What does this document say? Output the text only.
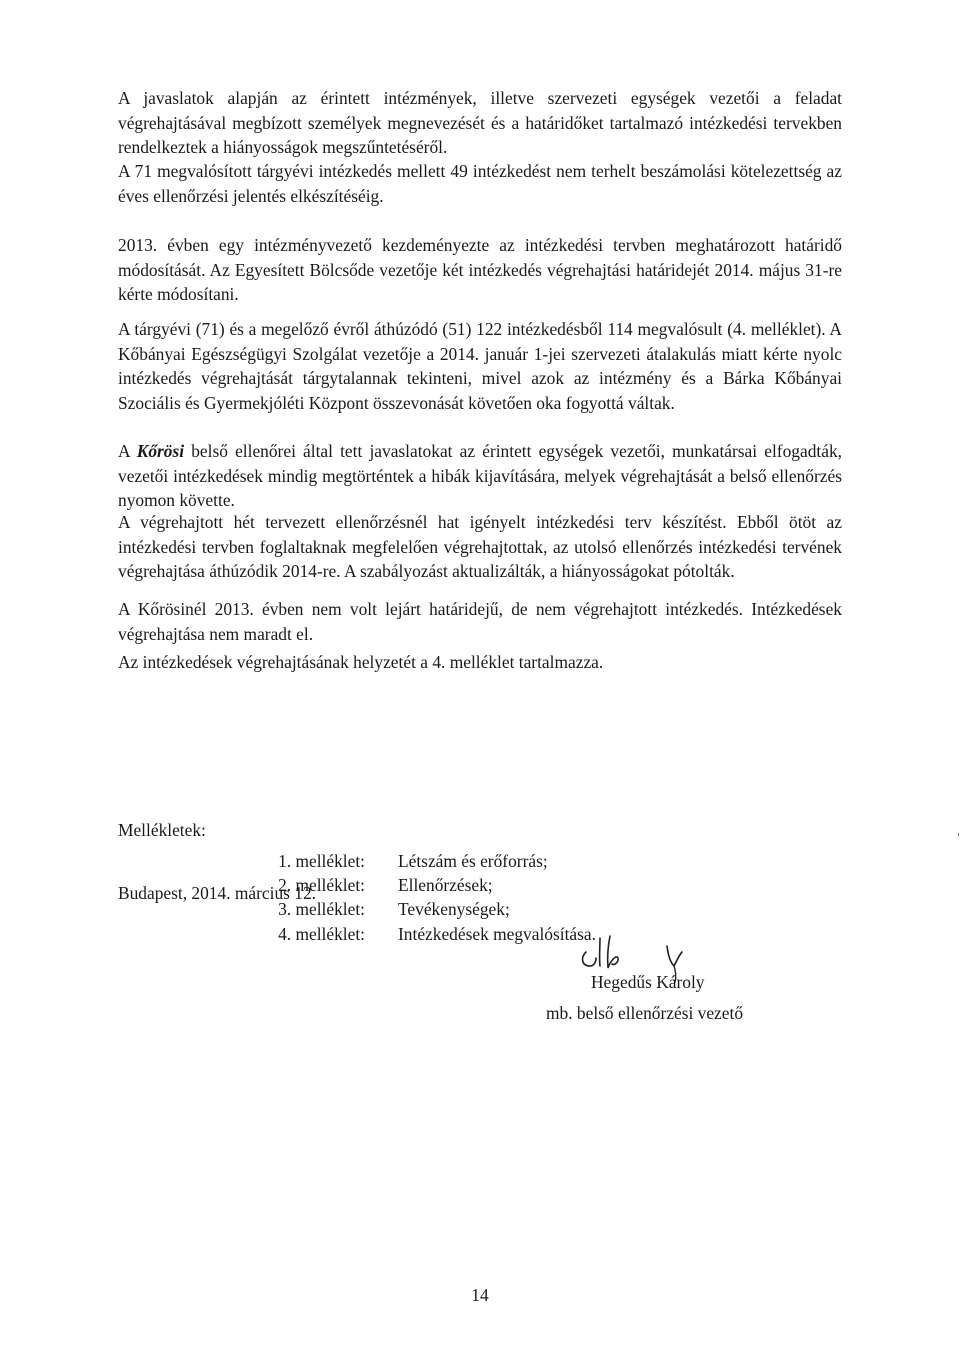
A javaslatok alapján az érintett intézmények, illetve szervezeti egységek vezetői a feladat végrehajtásával megbízott személyek megnevezését és a határidőket tartalmazó intézkedési tervekben rendelkeztek a hiányosságok megszűntetéséről.

A 71 megvalósított tárgyévi intézkedés mellett 49 intézkedést nem terhelt beszámolási kötelezettség az éves ellenőrzési jelentés elkészítéséig.

2013. évben egy intézményvezető kezdeményezte az intézkedési tervben meghatározott határidő módosítását. Az Egyesített Bölcsőde vezetője két intézkedés végrehajtási határidejét 2014. május 31-re kérte módosítani.

A tárgyévi (71) és a megelőző évről áthúzódó (51) 122 intézkedésből 114 megvalósult (4. melléklet). A Kőbányai Egészségügyi Szolgálat vezetője a 2014. január 1-jei szervezeti átalakulás miatt kérte nyolc intézkedés végrehajtását tárgytalannak tekinteni, mivel azok az intézmény és a Bárka Kőbányai Szociális és Gyermekjóléti Központ összevonását követően oka fogyottá váltak.

A Kőrösi belső ellenőrei által tett javaslatokat az érintett egységek vezetői, munkatársai elfogadták, vezetői intézkedések mindig megtörténtek a hibák kijavítására, melyek végrehajtását a belső ellenőrzés nyomon követte.

A végrehajtott hét tervezett ellenőrzésnél hat igényelt intézkedési terv készítést. Ebből ötöt az intézkedési tervben foglaltaknak megfelelően végrehajtottak, az utolsó ellenőrzés intézkedési tervének végrehajtása áthúzódik 2014-re. A szabályozást aktualizálták, a hiányosságokat pótolták.

A Kőrösinél 2013. évben nem volt lejárt határidejű, de nem végrehajtott intézkedés. Intézkedések végrehajtása nem maradt el.

Az intézkedések végrehajtásának helyzetét a 4. melléklet tartalmazza.

Mellékletek:

1. melléklet: Létszám és erőforrás;
2. melléklet: Ellenőrzések;
3. melléklet: Tevékenységek;
4. melléklet: Intézkedések megvalósítása.

Budapest, 2014. március 12.

Hegedűs Károly
mb. belső ellenőrzési vezető
14
